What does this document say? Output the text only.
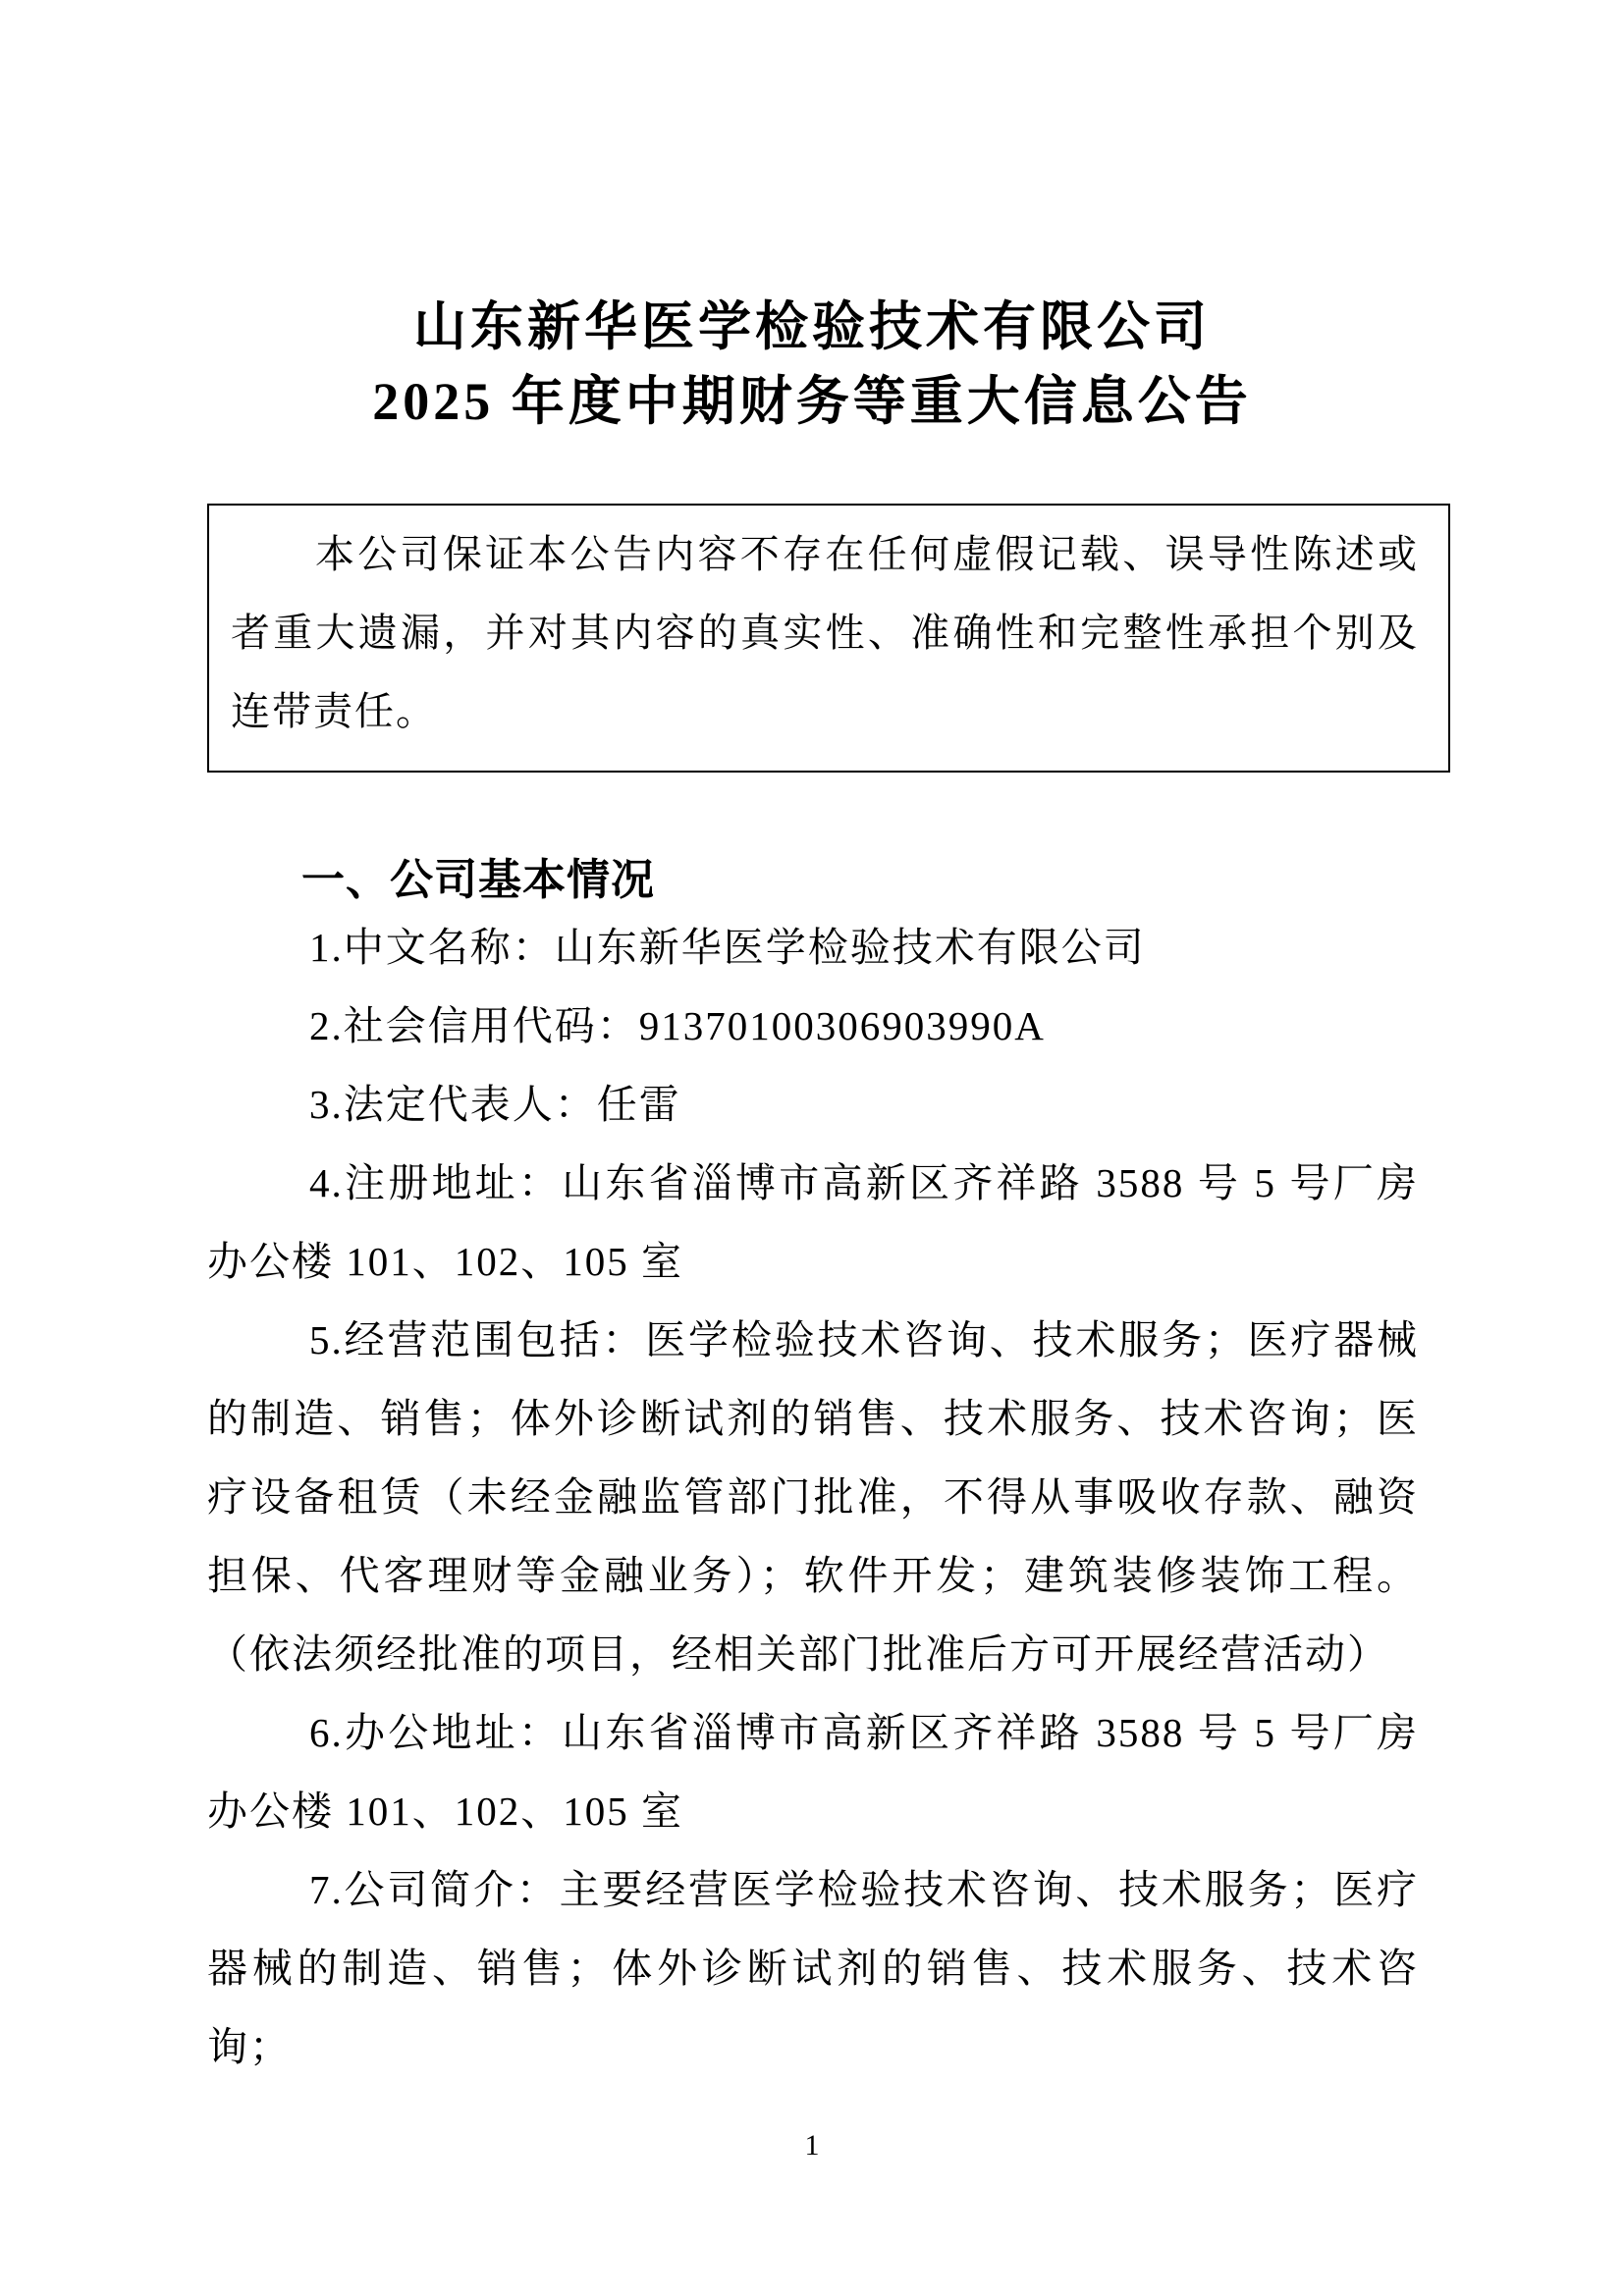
山东新华医学检验技术有限公司
2025 年度中期财务等重大信息公告

本公司保证本公告内容不存在任何虚假记载、误导性陈述或者重大遗漏，并对其内容的真实性、准确性和完整性承担个别及连带责任。

一、公司基本情况

1.中文名称：山东新华医学检验技术有限公司

2.社会信用代码：91370100306903990A

3.法定代表人：任雷

4.注册地址：山东省淄博市高新区齐祥路 3588 号 5 号厂房办公楼 101、102、105 室

5.经营范围包括：医学检验技术咨询、技术服务；医疗器械的制造、销售；体外诊断试剂的销售、技术服务、技术咨询；医疗设备租赁（未经金融监管部门批准，不得从事吸收存款、融资担保、代客理财等金融业务）；软件开发；建筑装修装饰工程。（依法须经批准的项目，经相关部门批准后方可开展经营活动）

6.办公地址：山东省淄博市高新区齐祥路 3588 号 5 号厂房办公楼 101、102、105 室

7.公司简介：主要经营医学检验技术咨询、技术服务；医疗器械的制造、销售；体外诊断试剂的销售、技术服务、技术咨询；

1
